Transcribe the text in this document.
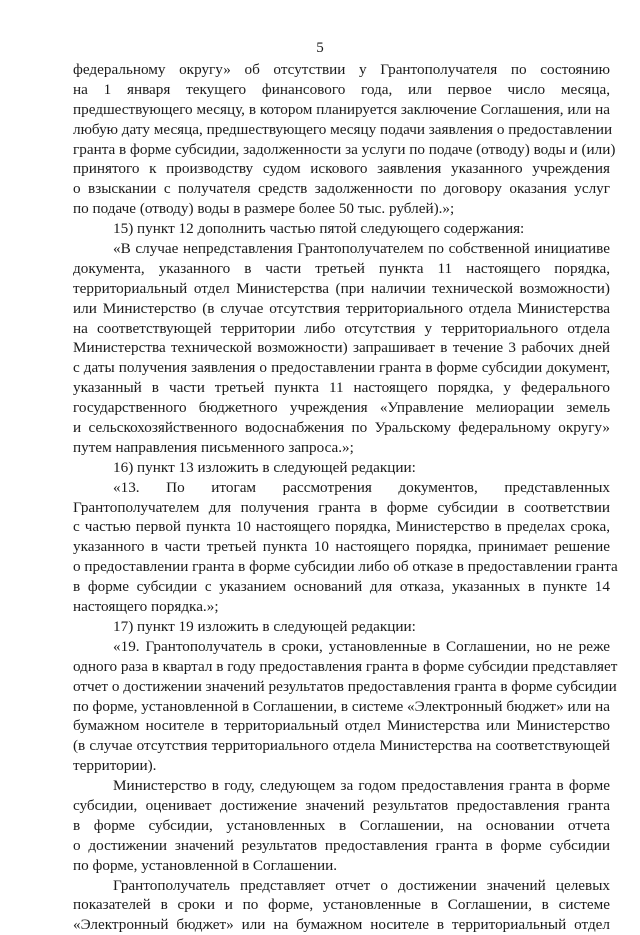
5
федеральному округу» об отсутствии у Грантополучателя по состоянию
на 1 января текущего финансового года, или первое число месяца,
предшествующего месяцу, в котором планируется заключение Соглашения, или на
любую дату месяца, предшествующего месяцу подачи заявления о предоставлении
гранта в форме субсидии, задолженности за услуги по подаче (отводу) воды и (или)
принятого к производству судом искового заявления указанного учреждения
о взыскании с получателя средств задолженности по договору оказания услуг
по подаче (отводу) воды в размере более 50 тыс. рублей).»;
15) пункт 12 дополнить частью пятой следующего содержания:
«В случае непредставления Грантополучателем по собственной инициативе
документа, указанного в части третьей пункта 11 настоящего порядка,
территориальный отдел Министерства (при наличии технической возможности)
или Министерство (в случае отсутствия территориального отдела Министерства
на соответствующей территории либо отсутствия у территориального отдела
Министерства технической возможности) запрашивает в течение 3 рабочих дней
с даты получения заявления о предоставлении гранта в форме субсидии документ,
указанный в части третьей пункта 11 настоящего порядка, у федерального
государственного бюджетного учреждения «Управление мелиорации земель
и сельскохозяйственного водоснабжения по Уральскому федеральному округу»
путем направления письменного запроса.»;
16) пункт 13 изложить в следующей редакции:
«13. По итогам рассмотрения документов, представленных
Грантополучателем для получения гранта в форме субсидии в соответствии
с частью первой пункта 10 настоящего порядка, Министерство в пределах срока,
указанного в части третьей пункта 10 настоящего порядка, принимает решение
о предоставлении гранта в форме субсидии либо об отказе в предоставлении гранта
в форме субсидии с указанием оснований для отказа, указанных в пункте 14
настоящего порядка.»;
17) пункт 19 изложить в следующей редакции:
«19. Грантополучатель в сроки, установленные в Соглашении, но не реже
одного раза в квартал в году предоставления гранта в форме субсидии представляет
отчет о достижении значений результатов предоставления гранта в форме субсидии
по форме, установленной в Соглашении, в системе «Электронный бюджет» или на
бумажном носителе в территориальный отдел Министерства или Министерство
(в случае отсутствия территориального отдела Министерства на соответствующей
территории).
Министерство в году, следующем за годом предоставления гранта в форме
субсидии, оценивает достижение значений результатов предоставления гранта
в форме субсидии, установленных в Соглашении, на основании отчета
о достижении значений результатов предоставления гранта в форме субсидии
по форме, установленной в Соглашении.
Грантополучатель представляет отчет о достижении значений целевых
показателей в сроки и по форме, установленные в Соглашении, в системе
«Электронный бюджет» или на бумажном носителе в территориальный отдел
